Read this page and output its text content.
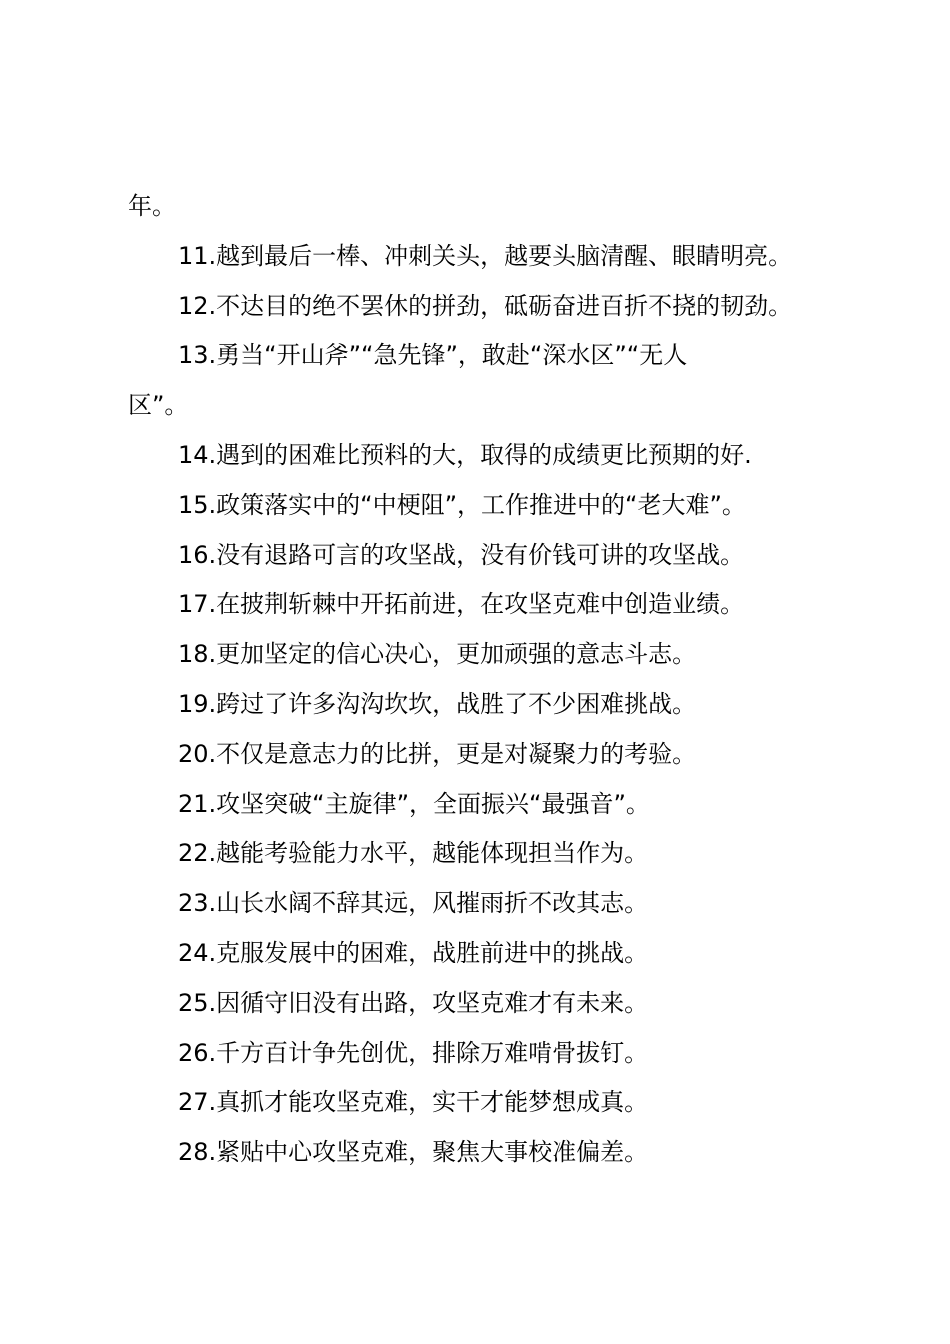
年。

11.越到最后一棒、冲刺关头，越要头脑清醒、眼睛明亮。

12.不达目的绝不罢休的拼劲，砥砺奋进百折不挠的韧劲。

13.勇当“开山斧”“急先锋”，敢赴“深水区”“无人

区”。

14.遇到的困难比预料的大，取得的成绩更比预期的好.

15.政策落实中的“中梗阻”，工作推进中的“老大难”。

16.没有退路可言的攻坚战，没有价钱可讲的攻坚战。

17.在披荆斩棘中开拓前进，在攻坚克难中创造业绩。

18.更加坚定的信心决心，更加顽强的意志斗志。

19.跨过了许多沟沟坎坎，战胜了不少困难挑战。

20.不仅是意志力的比拼，更是对凝聚力的考验。

21.攻坚突破“主旋律”，全面振兴“最强音”。

22.越能考验能力水平，越能体现担当作为。

23.山长水阔不辞其远，风摧雨折不改其志。

24.克服发展中的困难，战胜前进中的挑战。

25.因循守旧没有出路，攻坚克难才有未来。

26.千方百计争先创优，排除万难啃骨拔钉。

27.真抓才能攻坚克难，实干才能梦想成真。

28.紧贴中心攻坚克难，聚焦大事校准偏差。
